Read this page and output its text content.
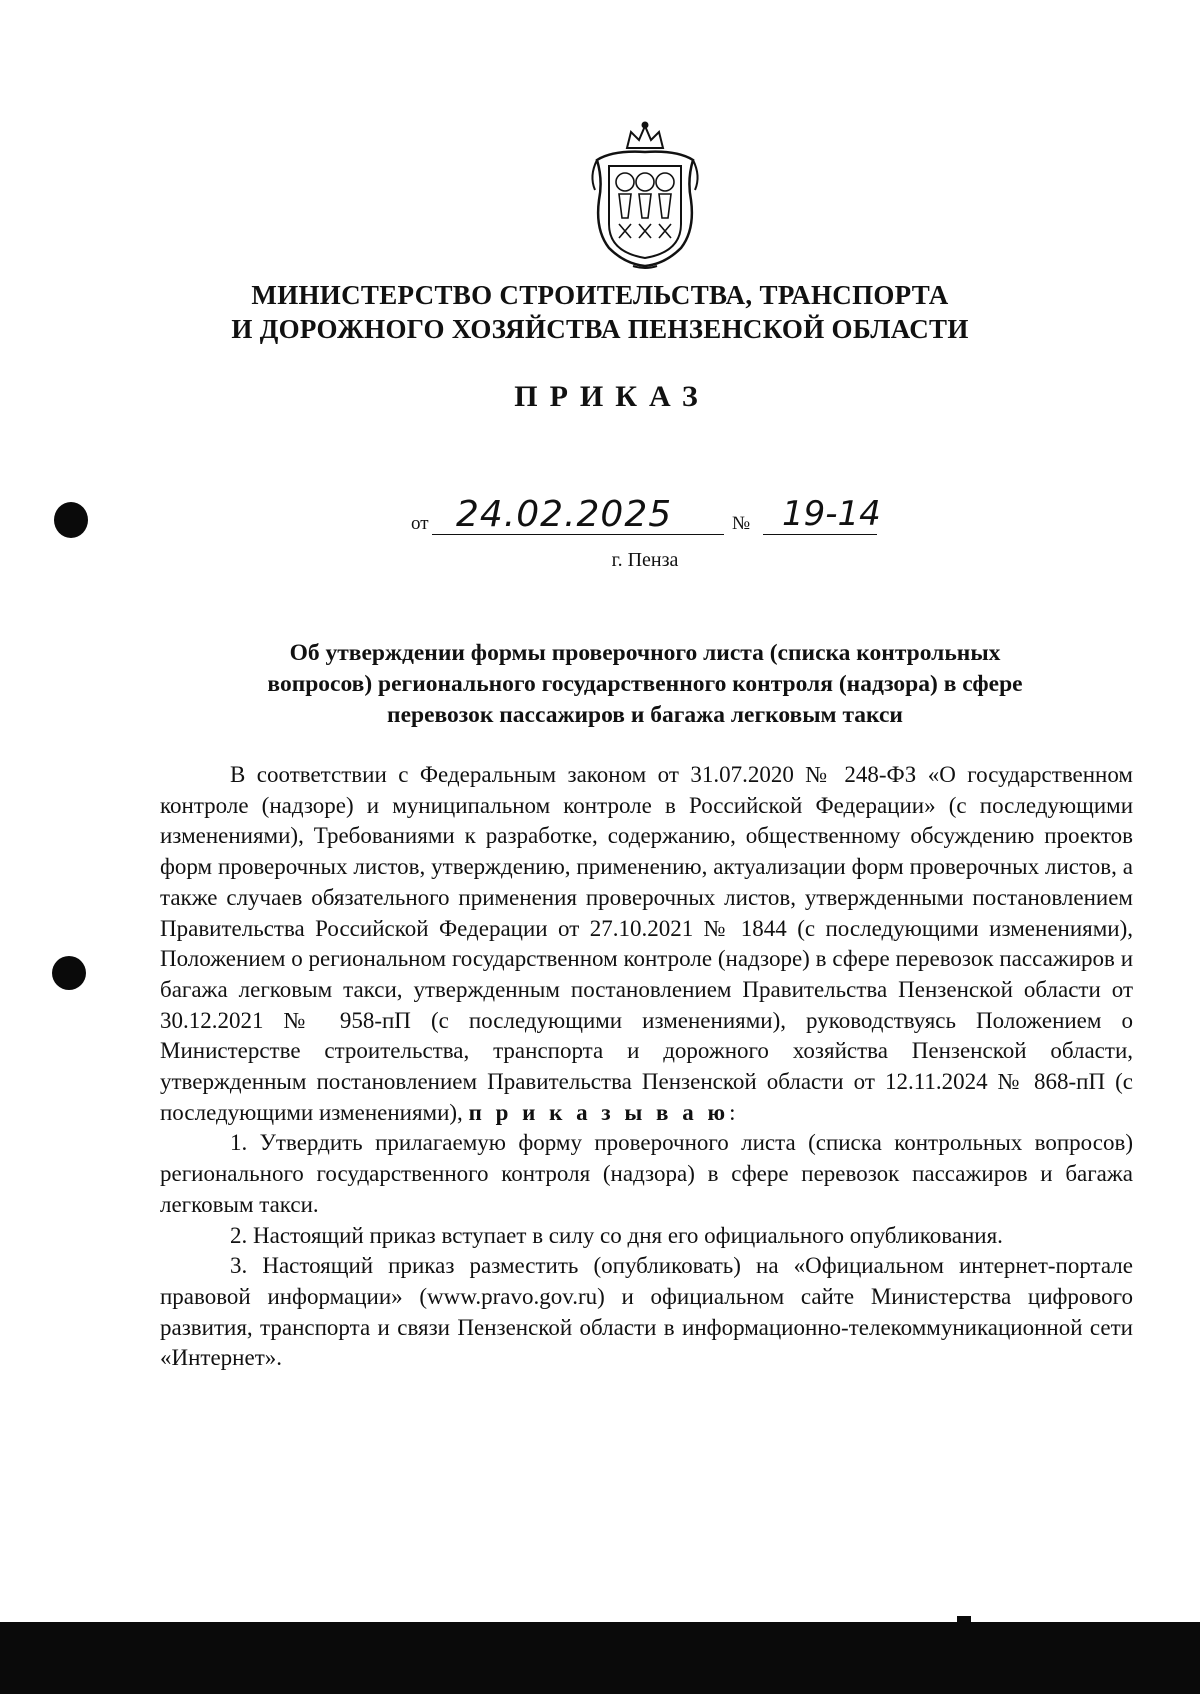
МИНИСТЕРСТВО СТРОИТЕЛЬСТВА, ТРАНСПОРТА
И ДОРОЖНОГО ХОЗЯЙСТВА ПЕНЗЕНСКОЙ ОБЛАСТИ
ПРИКАЗ
от 24.02.2025	№ 19-14
г. Пенза
Об утверждении формы проверочного листа (списка контрольных
вопросов) регионального государственного контроля (надзора) в сфере
перевозок пассажиров и багажа легковым такси

В соответствии с Федеральным законом от 31.07.2020 № 248-ФЗ «О государственном контроле (надзоре) и муниципальном контроле в Российской Федерации» (с последующими изменениями), Требованиями к разработке, содержанию, общественному обсуждению проектов форм проверочных листов, утверждению, применению, актуализации форм проверочных листов, а также случаев обязательного применения проверочных листов, утвержденными постановлением Правительства Российской Федерации от 27.10.2021 № 1844 (с последующими изменениями), Положением о региональном государственном контроле (надзоре) в сфере перевозок пассажиров и багажа легковым такси, утвержденным постановлением Правительства Пензенской области от 30.12.2021 № 958-пП (с последующими изменениями), руководствуясь Положением о Министерстве строительства, транспорта и дорожного хозяйства Пензенской области, утвержденным постановлением Правительства Пензенской области от 12.11.2024 № 868-пП (с последующими изменениями), п р и к а з ы в а ю:

1. Утвердить прилагаемую форму проверочного листа (списка контрольных вопросов) регионального государственного контроля (надзора) в сфере перевозок пассажиров и багажа легковым такси.

2. Настоящий приказ вступает в силу со дня его официального опубликования.

3. Настоящий приказ разместить (опубликовать) на «Официальном интернет-портале правовой информации» (www.pravo.gov.ru) и официальном сайте Министерства цифрового развития, транспорта и связи Пензенской области в информационно-телекоммуникационной сети «Интернет».
